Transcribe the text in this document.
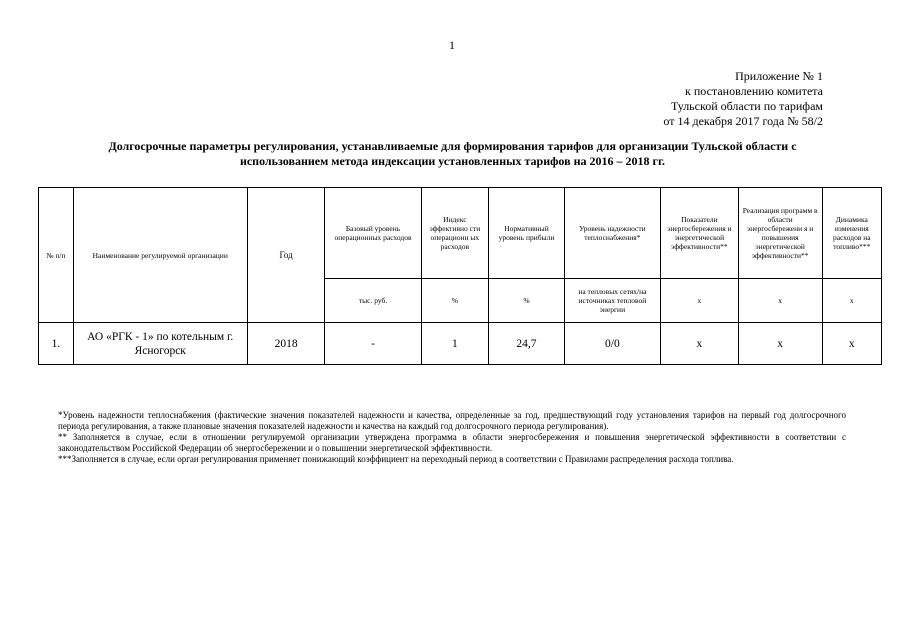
1
Приложение № 1
к постановлению комитета
Тульской области по тарифам
от 14 декабря 2017 года № 58/2
Долгосрочные параметры регулирования, устанавливаемые для формирования тарифов для организации Тульской области с
использованием метода индексации установленных тарифов на 2016 – 2018 гг.
№ п/п	Наименование регулируемой организации	Год	Базовый уровень операционных расходов	Индекс эффективно сти операционн ых расходов	Нормативный уровень прибыли	Уровень надежности теплоснабжения*	Показатели энергосбережения и энергетической эффективности**	Реализация программ в области энергосбережени я и повышения энергетической эффективности**	Динамика изменения расходов на топливо***
			тыс. руб.	%	%	на тепловых сетях/на источниках тепловой энергии	x	x	x
1.	АО «РГК - 1» по котельным г. Ясногорск	2018	-	1	24,7	0/0	x	x	x

*Уровень надежности теплоснабжения (фактические значения показателей надежности и качества, определенные за год, предшествующий году установления тарифов на первый год долгосрочного периода регулирования, а также плановые значения показателей надежности и качества на каждый год долгосрочного периода регулирования).

** Заполняется в случае, если в отношении регулируемой организации утверждена программа в области энергосбережения и повышения энергетической эффективности в соответствии с законодательством Российской Федерации об энергосбережении и о повышении энергетической эффективности.

***Заполняется в случае, если орган регулирования применяет понижающий коэффициент на переходный период в соответствии с Правилами распределения расхода топлива.
